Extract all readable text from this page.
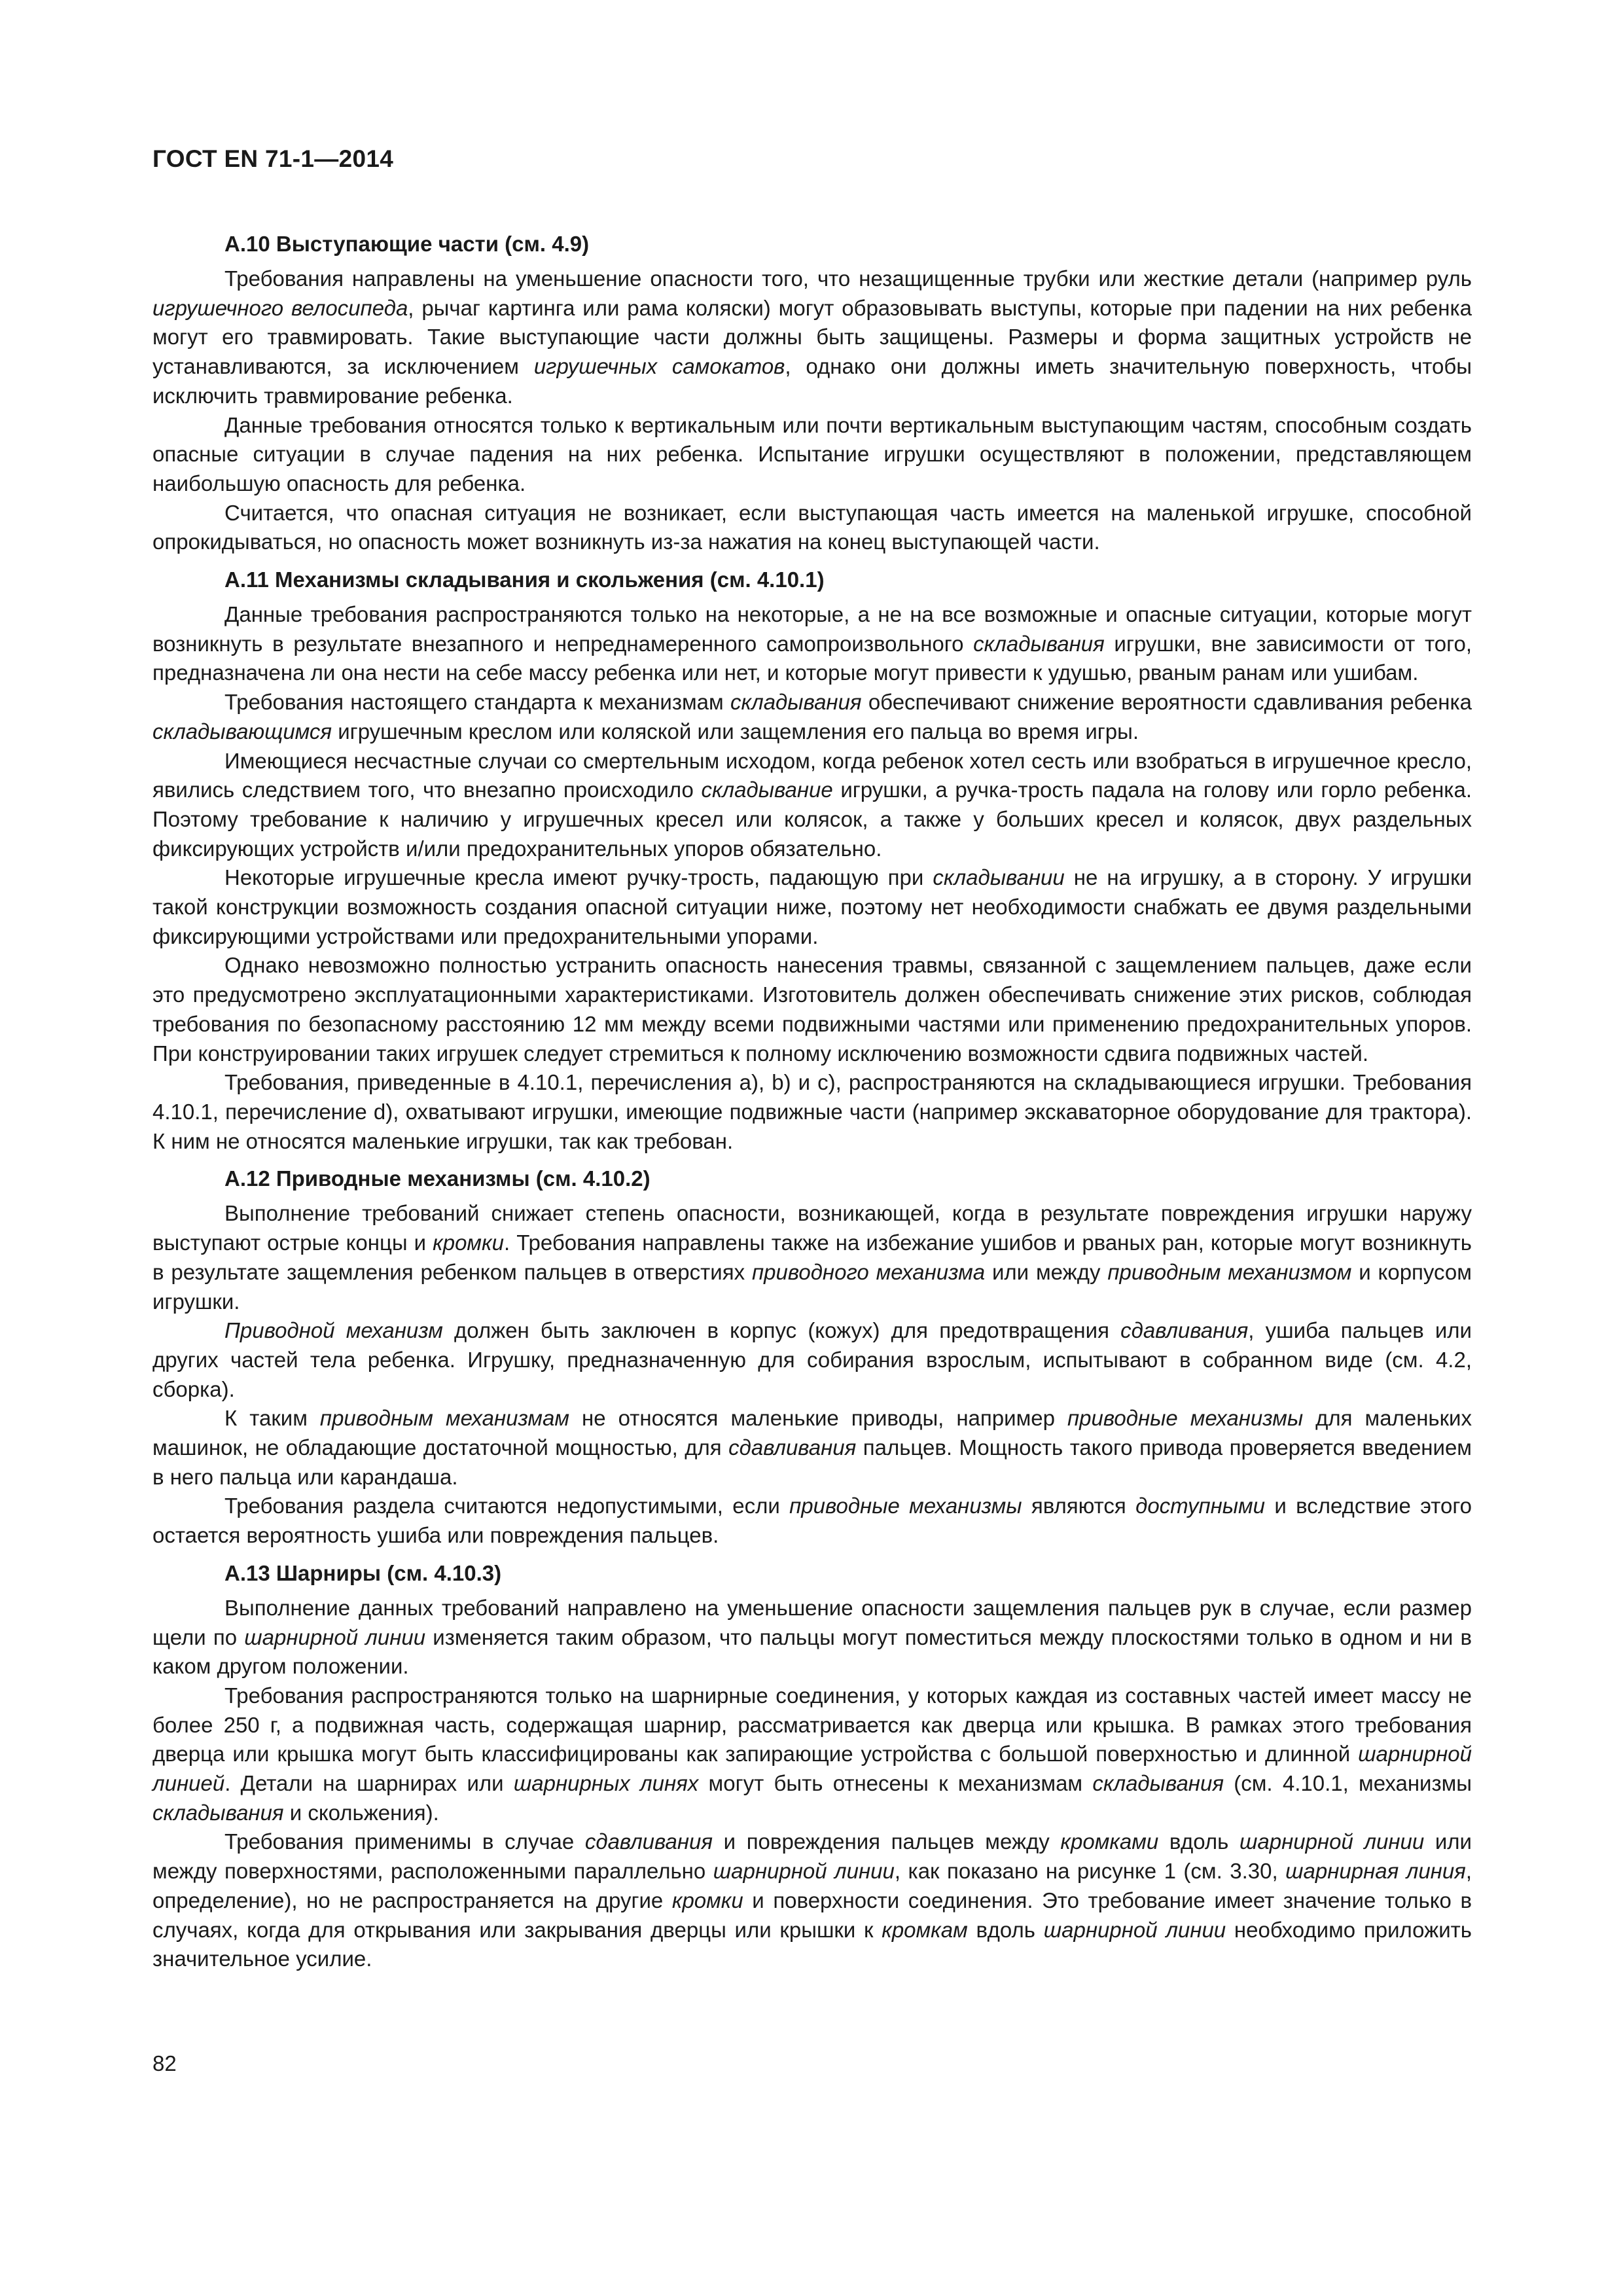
ГОСТ EN 71-1—2014
А.10 Выступающие части (см. 4.9)

Требования направлены на уменьшение опасности того, что незащищенные трубки или жесткие детали (например руль игрушечного велосипеда, рычаг картинга или рама коляски) могут образовывать выступы, которые при падении на них ребенка могут его травмировать. Такие выступающие части должны быть защищены. Размеры и форма защитных устройств не устанавливаются, за исключением игрушечных самокатов, однако они должны иметь значительную поверхность, чтобы исключить травмирование ребенка.

Данные требования относятся только к вертикальным или почти вертикальным выступающим частям, способным создать опасные ситуации в случае падения на них ребенка. Испытание игрушки осуществляют в положении, представляющем наибольшую опасность для ребенка.

Считается, что опасная ситуация не возникает, если выступающая часть имеется на маленькой игрушке, способной опрокидываться, но опасность может возникнуть из-за нажатия на конец выступающей части.

А.11 Механизмы складывания и скольжения (см. 4.10.1)

Данные требования распространяются только на некоторые, а не на все возможные и опасные ситуации, которые могут возникнуть в результате внезапного и непреднамеренного самопроизвольного складывания игрушки, вне зависимости от того, предназначена ли она нести на себе массу ребенка или нет, и которые могут привести к удушью, рваным ранам или ушибам.

Требования настоящего стандарта к механизмам складывания обеспечивают снижение вероятности сдавливания ребенка складывающимся игрушечным креслом или коляской или защемления его пальца во время игры.

Имеющиеся несчастные случаи со смертельным исходом, когда ребенок хотел сесть или взобраться в игрушечное кресло, явились следствием того, что внезапно происходило складывание игрушки, а ручка-трость падала на голову или горло ребенка. Поэтому требование к наличию у игрушечных кресел или колясок, а также у больших кресел и колясок, двух раздельных фиксирующих устройств и/или предохранительных упоров обязательно.

Некоторые игрушечные кресла имеют ручку-трость, падающую при складывании не на игрушку, а в сторону. У игрушки такой конструкции возможность создания опасной ситуации ниже, поэтому нет необходимости снабжать ее двумя раздельными фиксирующими устройствами или предохранительными упорами.

Однако невозможно полностью устранить опасность нанесения травмы, связанной с защемлением пальцев, даже если это предусмотрено эксплуатационными характеристиками. Изготовитель должен обеспечивать снижение этих рисков, соблюдая требования по безопасному расстоянию 12 мм между всеми подвижными частями или применению предохранительных упоров. При конструировании таких игрушек следует стремиться к полному исключению возможности сдвига подвижных частей.

Требования, приведенные в 4.10.1, перечисления а), b) и с), распространяются на складывающиеся игрушки. Требования 4.10.1, перечисление d), охватывают игрушки, имеющие подвижные части (например экскаваторное оборудование для трактора). К ним не относятся маленькие игрушки, так как требован.

А.12 Приводные механизмы (см. 4.10.2)

Выполнение требований снижает степень опасности, возникающей, когда в результате повреждения игрушки наружу выступают острые концы и кромки. Требования направлены также на избежание ушибов и рваных ран, которые могут возникнуть в результате защемления ребенком пальцев в отверстиях приводного механизма или между приводным механизмом и корпусом игрушки.

Приводной механизм должен быть заключен в корпус (кожух) для предотвращения сдавливания, ушиба пальцев или других частей тела ребенка. Игрушку, предназначенную для собирания взрослым, испытывают в собранном виде (см. 4.2, сборка).

К таким приводным механизмам не относятся маленькие приводы, например приводные механизмы для маленьких машинок, не обладающие достаточной мощностью, для сдавливания пальцев. Мощность такого привода проверяется введением в него пальца или карандаша.

Требования раздела считаются недопустимыми, если приводные механизмы являются доступными и вследствие этого остается вероятность ушиба или повреждения пальцев.

А.13 Шарниры (см. 4.10.3)

Выполнение данных требований направлено на уменьшение опасности защемления пальцев рук в случае, если размер щели по шарнирной линии изменяется таким образом, что пальцы могут поместиться между плоскостями только в одном и ни в каком другом положении.

Требования распространяются только на шарнирные соединения, у которых каждая из составных частей имеет массу не более 250 г, а подвижная часть, содержащая шарнир, рассматривается как дверца или крышка. В рамках этого требования дверца или крышка могут быть классифицированы как запирающие устройства с большой поверхностью и длинной шарнирной линией. Детали на шарнирах или шарнирных линях могут быть отнесены к механизмам складывания (см. 4.10.1, механизмы складывания и скольжения).

Требования применимы в случае сдавливания и повреждения пальцев между кромками вдоль шарнирной линии или между поверхностями, расположенными параллельно шарнирной линии, как показано на рисунке 1 (см. 3.30, шарнирная линия, определение), но не распространяется на другие кромки и поверхности соединения. Это требование имеет значение только в случаях, когда для открывания или закрывания дверцы или крышки к кромкам вдоль шарнирной линии необходимо приложить значительное усилие.

82
